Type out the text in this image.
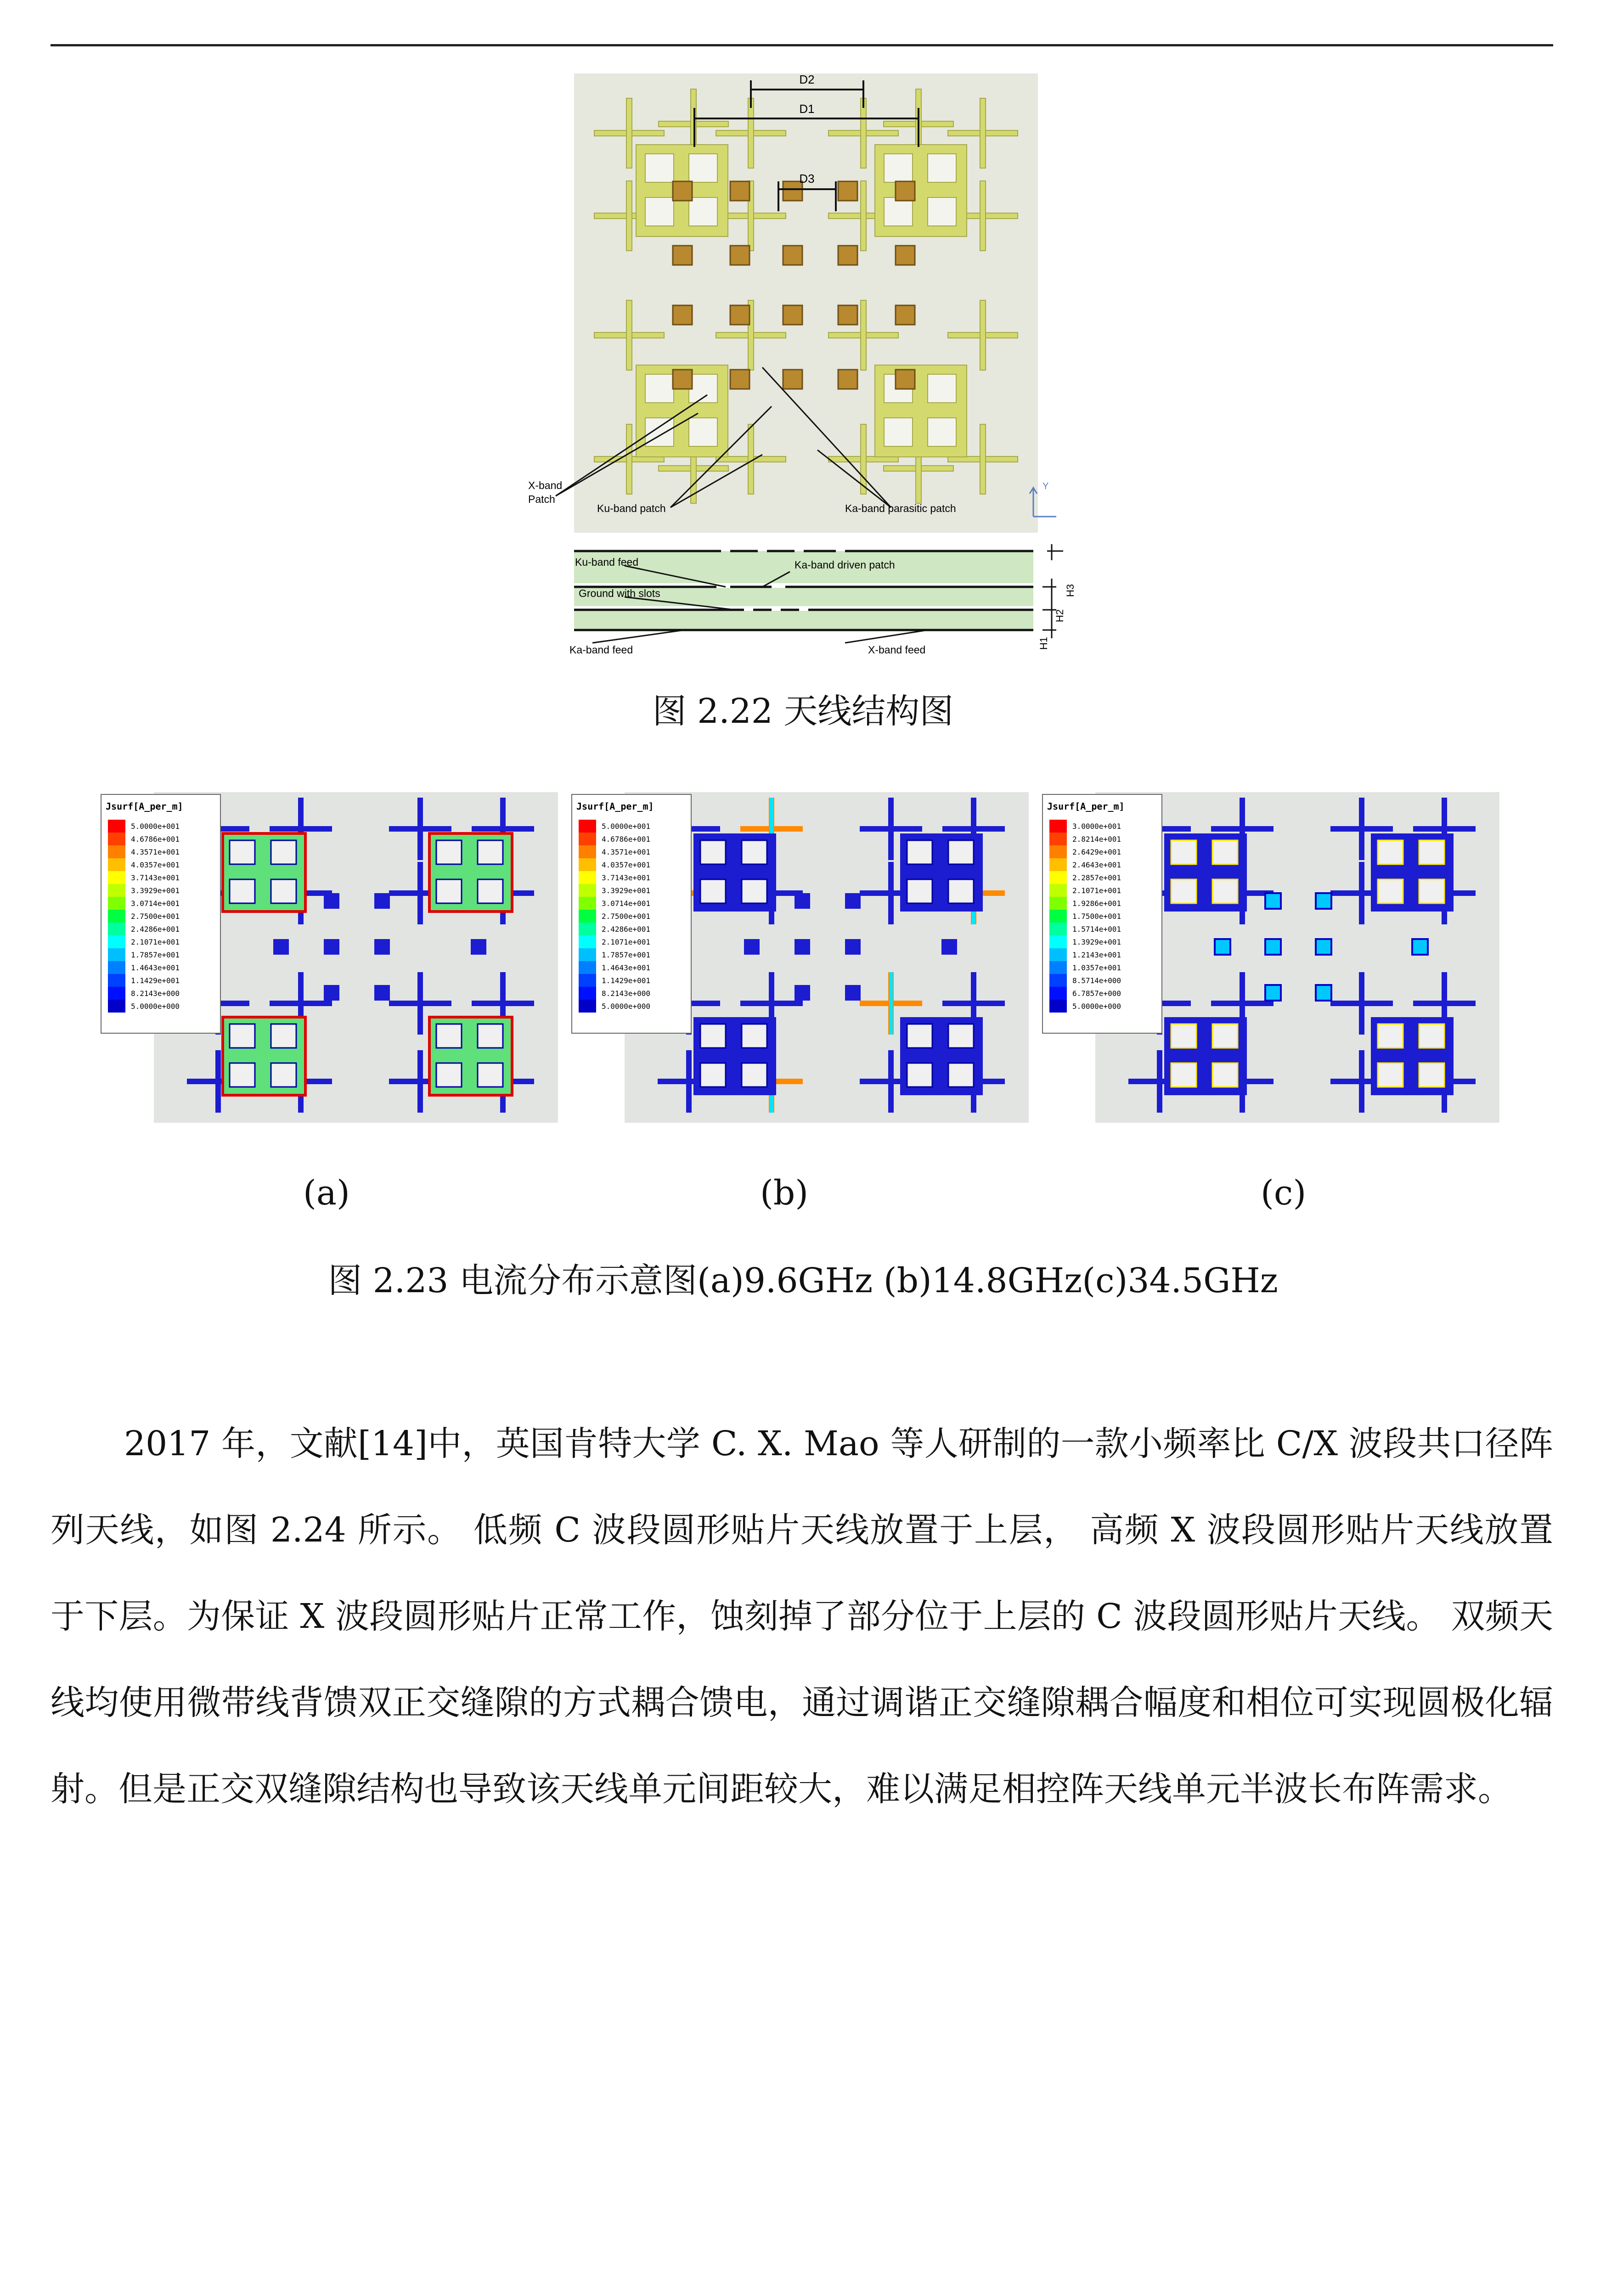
D2
D1
D3
X-band
Patch
Ku-band patch	Ka-band parasitic patch
Y
Ku-band feed	Ka-band driven patch
Ground with slots
Ka-band feed	X-band feed
H3
H2
H1
图 2.22 天线结构图
Jsurf[A_per_m]
5.0000e+001
4.6786e+001
4.3571e+001
4.0357e+001
3.7143e+001
3.3929e+001
3.0714e+001
2.7500e+001
2.4286e+001
2.1071e+001
1.7857e+001
1.4643e+001
1.1429e+001
8.2143e+000
5.0000e+000
Jsurf[A_per_m]
5.0000e+001
4.6786e+001
4.3571e+001
4.0357e+001
3.7143e+001
3.3929e+001
3.0714e+001
2.7500e+001
2.4286e+001
2.1071e+001
1.7857e+001
1.4643e+001
1.1429e+001
8.2143e+000
5.0000e+000
Jsurf[A_per_m]
3.0000e+001
2.8214e+001
2.6429e+001
2.4643e+001
2.2857e+001
2.1071e+001
1.9286e+001
1.7500e+001
1.5714e+001
1.3929e+001
1.2143e+001
1.0357e+001
8.5714e+000
6.7857e+000
5.0000e+000
(a)	(b)	(c)
图 2.23 电流分布示意图(a)9.6GHz (b)14.8GHz(c)34.5GHz

2017 年，文献[14]中，英国肯特大学 C. X. Mao 等人研制的一款小频率比 C/X 波段共口径阵列天线，如图 2.24 所示。 低频 C 波段圆形贴片天线放置于上层， 高频 X 波段圆形贴片天线放置于下层。为保证 X 波段圆形贴片正常工作，蚀刻掉了部分位于上层的 C 波段圆形贴片天线。 双频天线均使用微带线背馈双正交缝隙的方式耦合馈电，通过调谐正交缝隙耦合幅度和相位可实现圆极化辐射。但是正交双缝隙结构也导致该天线单元间距较大，难以满足相控阵天线单元半波长布阵需求。
